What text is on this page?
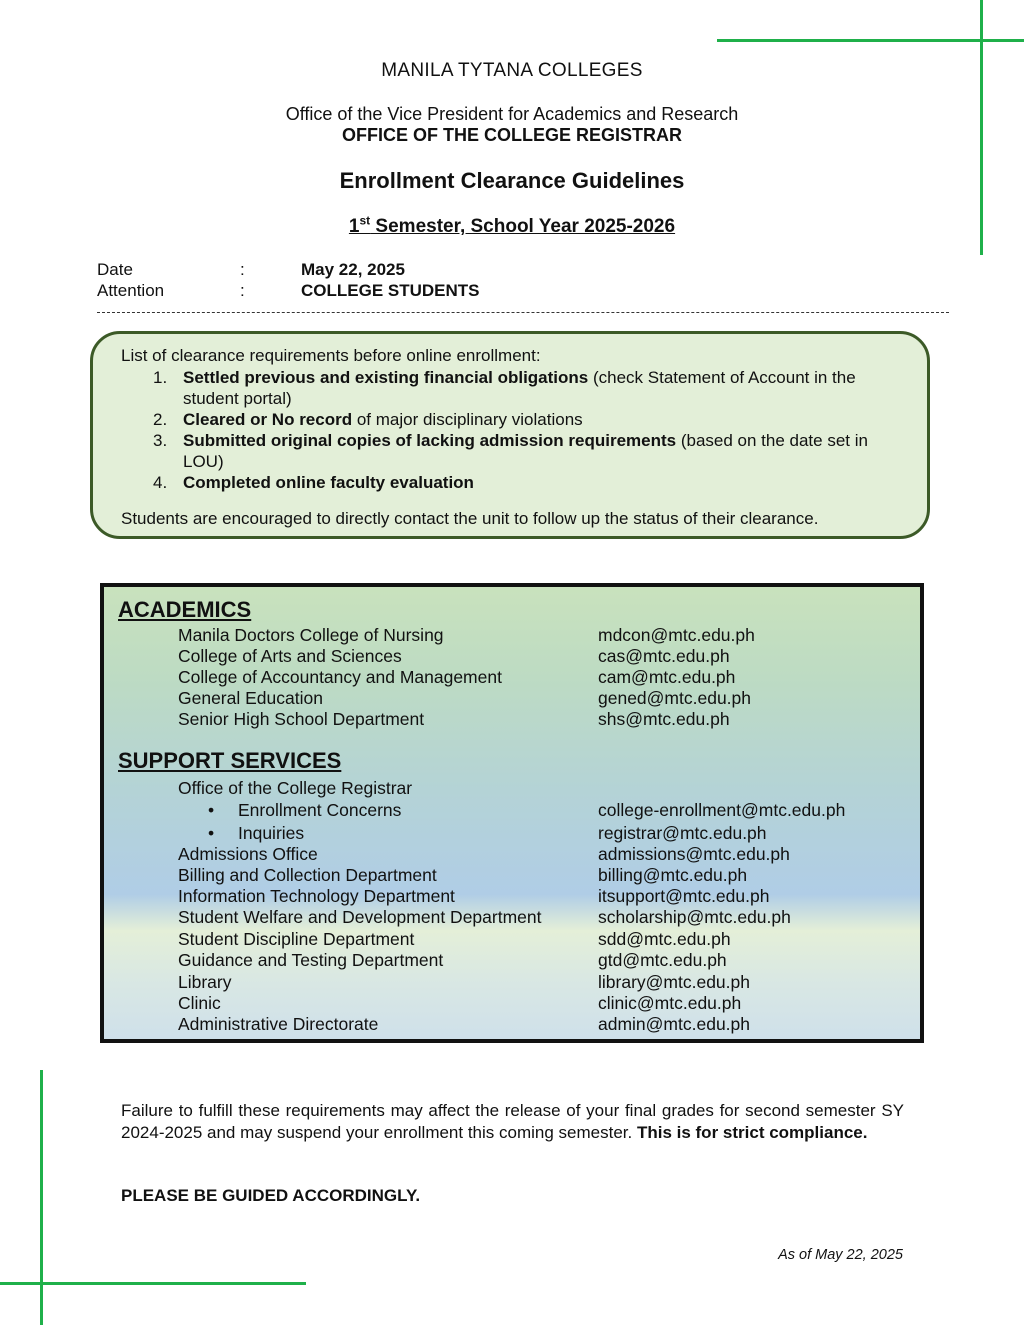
MANILA TYTANA COLLEGES
Office of the Vice President for Academics and Research
OFFICE OF THE COLLEGE REGISTRAR
Enrollment Clearance Guidelines
1st Semester, School Year 2025-2026
Date	:	May 22, 2025
Attention	:	COLLEGE STUDENTS
List of clearance requirements before online enrollment:
1. Settled previous and existing financial obligations (check Statement of Account in the student portal)
2. Cleared or No record of major disciplinary violations
3. Submitted original copies of lacking admission requirements (based on the date set in LOU)
4. Completed online faculty evaluation
Students are encouraged to directly contact the unit to follow up the status of their clearance.
ACADEMICS
Manila Doctors College of Nursing	mdcon@mtc.edu.ph
College of Arts and Sciences	cas@mtc.edu.ph
College of Accountancy and Management	cam@mtc.edu.ph
General Education	gened@mtc.edu.ph
Senior High School Department	shs@mtc.edu.ph
SUPPORT SERVICES
Office of the College Registrar
• Enrollment Concerns	college-enrollment@mtc.edu.ph
• Inquiries	registrar@mtc.edu.ph
Admissions Office	admissions@mtc.edu.ph
Billing and Collection Department	billing@mtc.edu.ph
Information Technology Department	itsupport@mtc.edu.ph
Student Welfare and Development Department	scholarship@mtc.edu.ph
Student Discipline Department	sdd@mtc.edu.ph
Guidance and Testing Department	gtd@mtc.edu.ph
Library	library@mtc.edu.ph
Clinic	clinic@mtc.edu.ph
Administrative Directorate	admin@mtc.edu.ph
Failure to fulfill these requirements may affect the release of your final grades for second semester SY 2024-2025 and may suspend your enrollment this coming semester. This is for strict compliance.
PLEASE BE GUIDED ACCORDINGLY.
As of May 22, 2025
